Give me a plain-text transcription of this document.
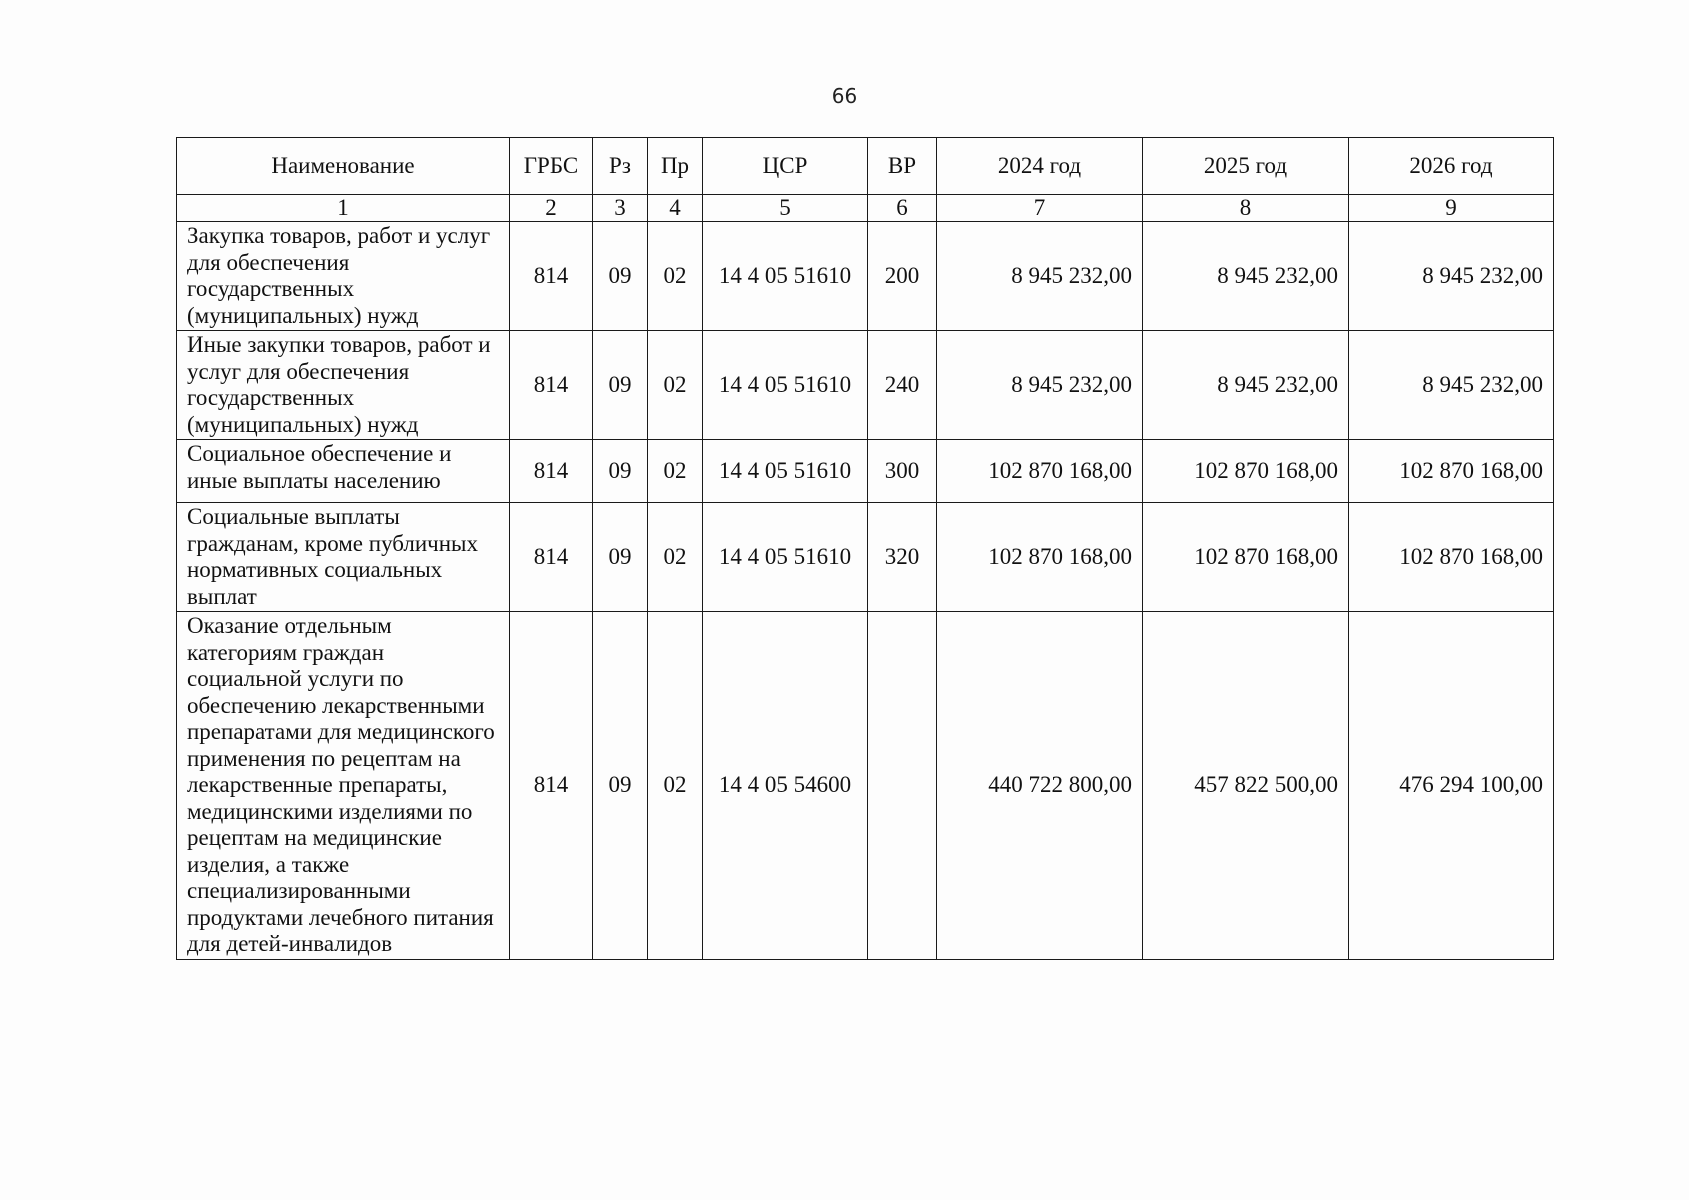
66
Наименование	ГРБС	Рз	Пр	ЦСР	ВР	2024 год	2025 год	2026 год
1	2	3	4	5	6	7	8	9
Закупка товаров, работ и услуг для обеспечения государственных (муниципальных) нужд	814	09	02	14 4 05 51610	200	8 945 232,00	8 945 232,00	8 945 232,00
Иные закупки товаров, работ и услуг для обеспечения государственных (муниципальных) нужд	814	09	02	14 4 05 51610	240	8 945 232,00	8 945 232,00	8 945 232,00
Социальное обеспечение и иные выплаты населению	814	09	02	14 4 05 51610	300	102 870 168,00	102 870 168,00	102 870 168,00
Социальные выплаты гражданам, кроме публичных нормативных социальных выплат	814	09	02	14 4 05 51610	320	102 870 168,00	102 870 168,00	102 870 168,00
Оказание отдельным категориям граждан социальной услуги по обеспечению лекарственными препаратами для медицинского применения по рецептам на лекарственные препараты, медицинскими изделиями по рецептам на медицинские изделия, а также специализированными продуктами лечебного питания для детей-инвалидов	814	09	02	14 4 05 54600		440 722 800,00	457 822 500,00	476 294 100,00
